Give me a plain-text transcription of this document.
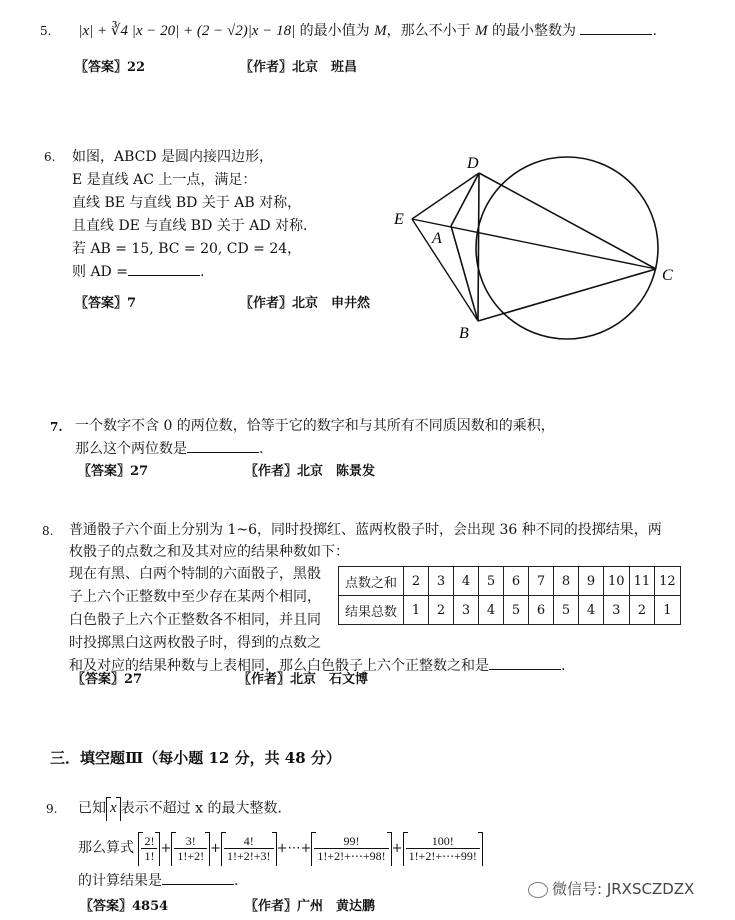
5. |x| + ∛4 |x − 20| + (2 − √2)|x − 18| 的最小值为 M，那么不小于 M 的最小整数为	.
〖答案〗22	〖作者〗北京　班昌
6. 如图，ABCD 是圆内接四边形，
E 是直线 AC 上一点，满足：
直线 BE 与直线 BD 关于 AB 对称，
且直线 DE 与直线 BD 关于 AD 对称．
若 AB = 15, BC = 20, CD = 24，
则 AD =	.
〖答案〗7	〖作者〗北京　申井然
D
E
A
C
B
7. 一个数字不含 0 的两位数，恰等于它的数字和与其所有不同质因数和的乘积，
那么这个两位数是	.
〖答案〗27	〖作者〗北京　陈景发
8. 普通骰子六个面上分别为 1~6，同时投掷红、蓝两枚骰子时，会出现 36 种不同的投掷结果，两
枚骰子的点数之和及其对应的结果种数如下：
现在有黑、白两个特制的六面骰子，黑骰
子上六个正整数中至少存在某两个相同，
白色骰子上六个正整数各不相同，并且同
时投掷黑白这两枚骰子时，得到的点数之
和及对应的结果种数与上表相同，那么白色骰子上六个正整数之和是	.
点数之和	2	3	4	5	6	7	8	9	10	11	12
结果总数	1	2	3	4	5	6	5	4	3	2	1
〖答案〗27	〖作者〗北京　石文博
三．填空题Ⅲ（每小题 12 分，共 48 分）
9. 已知 x 表示不超过 x 的最大整数．
那么算式 $\frac{2!}{1!} + \frac{3!}{1!+2!} + \frac{4!}{1!+2!+3!}$ +⋯+ $\frac{99!}{1!+2!+\cdots+98!} + \frac{100!}{1!+2!+\cdots+99!}$
的计算结果是	.
〖答案〗4854	〖作者〗广州　黄达鹏
微信号: JRXSCZDZX
